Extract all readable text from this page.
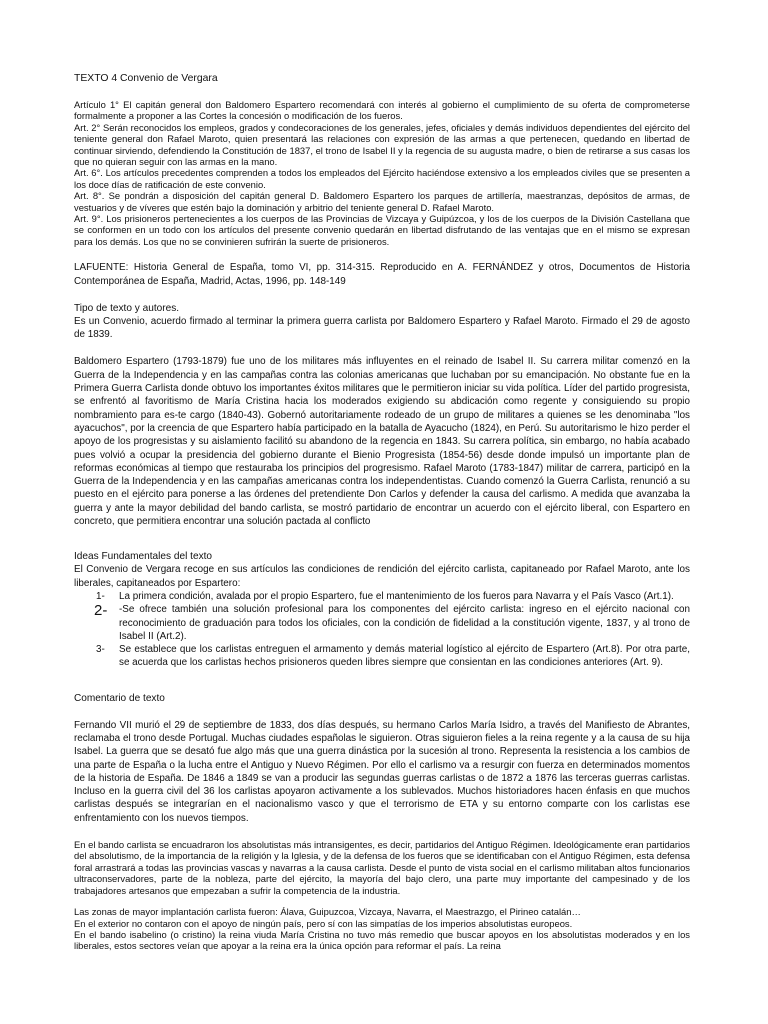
TEXTO 4 Convenio de Vergara

Artículo 1° El capitán general don Baldomero Espartero recomendará con interés al gobierno el cumplimiento de su oferta de comprometerse formalmente a proponer a las Cortes la concesión o modificación de los fueros.

Art. 2° Serán reconocidos los empleos, grados y condecoraciones de los generales, jefes, oficiales y demás individuos dependientes del ejército del teniente general don Rafael Maroto, quien presentará las relaciones con expresión de las armas a que pertenecen, quedando en libertad de continuar sirviendo, defendiendo la Constitución de 1837, el trono de Isabel II y la regencia de su augusta madre, o bien de retirarse a sus casas los que no quieran seguir con las armas en la mano.

Art. 6°. Los artículos precedentes comprenden a todos los empleados del Ejército haciéndose extensivo a los empleados civiles que se presenten a los doce días de ratificación de este convenio.

Art. 8°. Se pondrán a disposición del capitán general D. Baldomero Espartero los parques de artillería, maestranzas, depósitos de armas, de vestuarios y de víveres que estén bajo la dominación y arbitrio del teniente general D. Rafael Maroto.

Art. 9°. Los prisioneros pertenecientes a los cuerpos de las Provincias de Vizcaya y Guipúzcoa, y los de los cuerpos de la División Castellana que se conformen en un todo con los artículos del presente convenio quedarán en libertad disfrutando de las ventajas que en el mismo se expresan para los demás. Los que no se convinieren sufrirán la suerte de prisioneros.

LAFUENTE: Historia General de España, tomo VI, pp. 314-315. Reproducido en A. FERNÁNDEZ y otros, Documentos de Historia Contemporánea de España, Madrid, Actas, 1996, pp. 148-149

Tipo de texto y autores.

Es un Convenio, acuerdo firmado al terminar la primera guerra carlista por Baldomero Espartero y Rafael Maroto. Firmado el 29 de agosto de 1839.

Baldomero Espartero (1793-1879) fue uno de los militares más influyentes en el reinado de Isabel II. Su carrera militar comenzó en la Guerra de la Independencia y en las campañas contra las colonias americanas que luchaban por su emancipación. No obstante fue en la Primera Guerra Carlista donde obtuvo los importantes éxitos militares que le permitieron iniciar su vida política. Líder del partido progresista, se enfrentó al favoritismo de María Cristina hacia los moderados exigiendo su abdicación como regente y consiguiendo su propio nombramiento para es-te cargo (1840-43). Gobernó autoritariamente rodeado de un grupo de militares a quienes se les denominaba "los ayacuchos", por la creencia de que Espartero había participado en la batalla de Ayacucho (1824), en Perú. Su autoritarismo le hizo perder el apoyo de los progresistas y su aislamiento facilitó su abandono de la regencia en 1843. Su carrera política, sin embargo, no había acabado pues volvió a ocupar la presidencia del gobierno durante el Bienio Progresista (1854-56) desde donde impulsó un importante plan de reformas económicas al tiempo que restauraba los principios del progresismo. Rafael Maroto (1783-1847) militar de carrera, participó en la Guerra de la Independencia y en las campañas americanas contra los independentistas. Cuando comenzó la Guerra Carlista, renunció a su puesto en el ejército para ponerse a las órdenes del pretendiente Don Carlos y defender la causa del carlismo. A medida que avanzaba la guerra y ante la mayor debilidad del bando carlista, se mostró partidario de encontrar un acuerdo con el ejército liberal, con Espartero en concreto, que permitiera encontrar una solución pactada al conflicto

Ideas Fundamentales del texto

El Convenio de Vergara recoge en sus artículos las condiciones de rendición del ejército carlista, capitaneado por Rafael Maroto, ante los liberales, capitaneados por Espartero:

1-	La primera condición, avalada por el propio Espartero, fue el mantenimiento de los fueros para Navarra y el País Vasco (Art.1).
2-	-Se ofrece también una solución profesional para los componentes del ejército carlista: ingreso en el ejército nacional con reconocimiento de graduación para todos los oficiales, con la condición de fidelidad a la constitución vigente, 1837, y al trono de Isabel II (Art.2).
3-	Se establece que los carlistas entreguen el armamento y demás material logístico al ejército de Espartero (Art.8). Por otra parte, se acuerda que los carlistas hechos prisioneros queden libres siempre que consientan en las condiciones anteriores (Art. 9).

Comentario de texto

Fernando VII murió el 29 de septiembre de 1833, dos días después, su hermano Carlos María Isidro, a través del Manifiesto de Abrantes, reclamaba el trono desde Portugal. Muchas ciudades españolas le siguieron. Otras siguieron fieles a la reina regente y a la causa de su hija Isabel. La guerra que se desató fue algo más que una guerra dinástica por la sucesión al trono. Representa la resistencia a los cambios de una parte de España o la lucha entre el Antiguo y Nuevo Régimen. Por ello el carlismo va a resurgir con fuerza en determinados momentos de la historia de España. De 1846 a 1849 se van a producir las segundas guerras carlistas o de 1872 a 1876 las terceras guerras carlistas. Incluso en la guerra civil del 36 los carlistas apoyaron activamente a los sublevados. Muchos historiadores hacen énfasis en que muchos carlistas después se integrarían en el nacionalismo vasco y que el terrorismo de ETA y su entorno comparte con los carlistas ese enfrentamiento con los nuevos tiempos.

En el bando carlista se encuadraron los absolutistas más intransigentes, es decir, partidarios del Antiguo Régimen. Ideológicamente eran partidarios del absolutismo, de la importancia de la religión y la Iglesia, y de la defensa de los fueros que se identificaban con el Antiguo Régimen, esta defensa foral arrastrará a todas las provincias vascas y navarras a la causa carlista. Desde el punto de vista social en el carlismo militaban altos funcionarios ultraconservadores, parte de la nobleza, parte del ejército, la mayoría del bajo clero, una parte muy importante del campesinado y de los trabajadores artesanos que empezaban a sufrir la competencia de la industria.

Las zonas de mayor implantación carlista fueron: Álava, Guipuzcoa, Vizcaya, Navarra, el Maestrazgo, el Pirineo catalán…

En el exterior no contaron con el apoyo de ningún país, pero sí con las simpatías de los imperios absolutistas europeos.

En el bando isabelino (o cristino) la reina viuda María Cristina no tuvo más remedio que buscar apoyos en los absolutistas moderados y en los liberales, estos sectores veían que apoyar a la reina era la única opción para reformar el país. La reina
